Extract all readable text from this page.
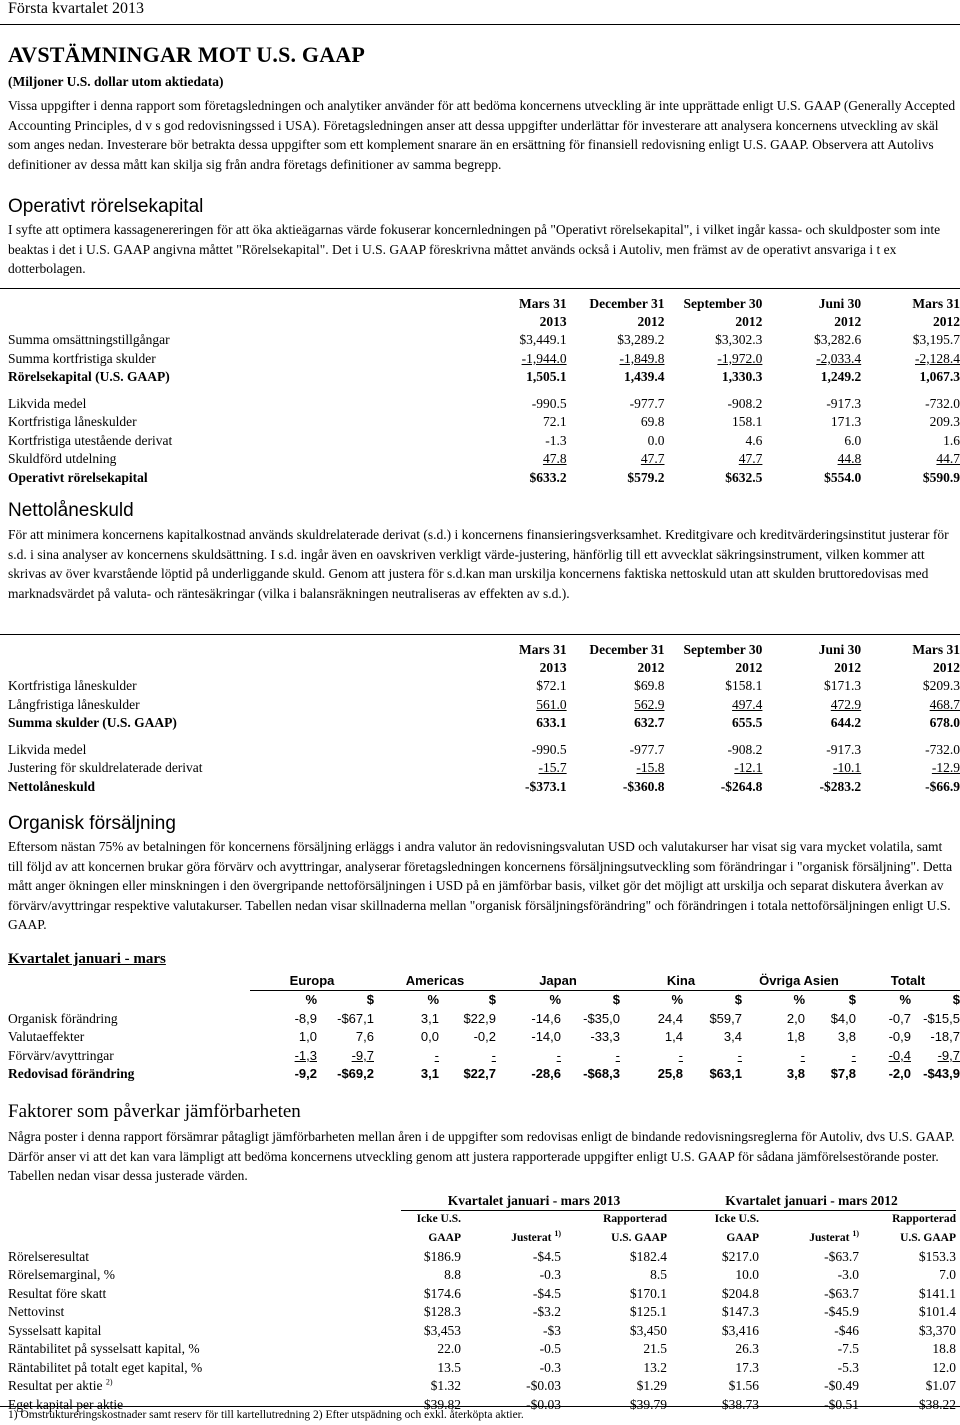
Första kvartalet 2013
AVSTÄMNINGAR MOT U.S. GAAP
(Miljoner U.S. dollar utom aktiedata)

Vissa uppgifter i denna rapport som företagsledningen och analytiker använder för att bedöma koncernens utveckling är inte upprättade enligt U.S. GAAP (Generally Accepted Accounting Principles, d v s god redovisningssed i USA). Företagsledningen anser att dessa uppgifter underlättar för investerare att analysera koncernens utveckling av skäl som anges nedan. Investerare bör betrakta dessa uppgifter som ett komplement snarare än en ersättning för finansiell redovisning enligt U.S. GAAP. Observera att Autolivs definitioner av dessa mått kan skilja sig från andra företags definitioner av samma begrepp.

Operativt rörelsekapital

I syfte att optimera kassagenereringen för att öka aktieägarnas värde fokuserar koncernledningen på "Operativt rörelsekapital", i vilket ingår kassa- och skuldposter som inte beaktas i det i U.S. GAAP angivna måttet "Rörelsekapital". Det i U.S. GAAP föreskrivna måttet används också i Autoliv, men främst av de operativt ansvariga i t ex dotterbolagen.

	Mars 31	December 31	September 30	Juni 30	Mars 31
	2013	2012	2012	2012	2012
Summa omsättningstillgångar	$3,449.1	$3,289.2	$3,302.3	$3,282.6	$3,195.7
Summa kortfristiga skulder	-1,944.0	-1,849.8	-1,972.0	-2,033.4	-2,128.4
Rörelsekapital (U.S. GAAP)	1,505.1	1,439.4	1,330.3	1,249.2	1,067.3

Likvida medel	-990.5	-977.7	-908.2	-917.3	-732.0
Kortfristiga låneskulder	72.1	69.8	158.1	171.3	209.3
Kortfristiga utestående derivat	-1.3	0.0	4.6	6.0	1.6
Skuldförd utdelning	47.8	47.7	47.7	44.8	44.7
Operativt rörelsekapital	$633.2	$579.2	$632.5	$554.0	$590.9
Nettolåneskuld

För att minimera koncernens kapitalkostnad används skuldrelaterade derivat (s.d.) i koncernens finansieringsverksamhet. Kreditgivare och kreditvärderingsinstitut justerar för s.d. i sina analyser av koncernens skuldsättning. I s.d. ingår även en oavskriven verkligt värde-justering, hänförlig till ett avvecklat säkringsinstrument, vilken kommer att skrivas av över kvarstående löptid på underliggande skuld. Genom att justera för s.d.kan man urskilja koncernens faktiska nettoskuld utan att skulden bruttoredovisas med marknadsvärdet på valuta- och räntesäkringar (vilka i balansräkningen neutraliseras av effekten av s.d.).

	Mars 31	December 31	September 30	Juni 30	Mars 31
	2013	2012	2012	2012	2012
Kortfristiga låneskulder	$72.1	$69.8	$158.1	$171.3	$209.3
Långfristiga låneskulder	561.0	562.9	497.4	472.9	468.7
Summa skulder (U.S. GAAP)	633.1	632.7	655.5	644.2	678.0

Likvida medel	-990.5	-977.7	-908.2	-917.3	-732.0
Justering för skuldrelaterade derivat	-15.7	-15.8	-12.1	-10.1	-12.9
Nettolåneskuld	-$373.1	-$360.8	-$264.8	-$283.2	-$66.9
Organisk försäljning

Eftersom nästan 75% av betalningen för koncernens försäljning erläggs i andra valutor än redovisningsvalutan USD och valutakurser har visat sig vara mycket volatila, samt till följd av att koncernen brukar göra förvärv och avyttringar, analyserar företagsledningen koncernens försäljningsutveckling som förändringar i "organisk försäljning". Detta mått anger ökningen eller minskningen i den övergripande nettoförsäljningen i USD på en jämförbar basis, vilket gör det möjligt att urskilja och separat diskutera åverkan av förvärv/avyttringar respektive valutakurser. Tabellen nedan visar skillnaderna mellan "organisk försäljningsförändring" och förändringen i totala nettoförsäljningen enligt U.S. GAAP.

Kvartalet januari - mars
	Europa		Americas		Japan		Kina		Övriga Asien		Totalt	
	%	$	%	$	%	$	%	$	%	$	%	$
Organisk förändring	-8,9	-$67,1	3,1	$22,9	-14,6	-$35,0	24,4	$59,7	2,0	$4,0	-0,7	-$15,5
Valutaeffekter	1,0	7,6	0,0	-0,2	-14,0	-33,3	1,4	3,4	1,8	3,8	-0,9	-18,7
Förvärv/avyttringar	-1,3	-9,7	-	-	-	-	-	-	-	-	-0,4	-9,7
Redovisad förändring	-9,2	-$69,2	3,1	$22,7	-28,6	-$68,3	25,8	$63,1	3,8	$7,8	-2,0	-$43,9
Faktorer som påverkar jämförbarheten

Några poster i denna rapport försämrar påtagligt jämförbarheten mellan åren i de uppgifter som redovisas enligt de bindande redovisningsreglerna för Autoliv, dvs U.S. GAAP. Därför anser vi att det kan vara lämpligt att bedöma koncernens utveckling genom att justera rapporterade uppgifter enligt U.S. GAAP för sådana jämförelsestörande poster. Tabellen nedan visar dessa justerade värden.

	Kvartalet januari - mars 2013			Kvartalet januari - mars 2012		
	Icke U.S.		Rapporterad	Icke U.S.		Rapporterad
	GAAP	Justerat $^{1)}$	U.S. GAAP	GAAP	Justerat $^{1)}$	U.S. GAAP
Rörelseresultat	$186.9	-$4.5	$182.4	$217.0	-$63.7	$153.3
Rörelsemarginal, %	8.8	-0.3	8.5	10.0	-3.0	7.0
Resultat före skatt	$174.6	-$4.5	$170.1	$204.8	-$63.7	$141.1
Nettovinst	$128.3	-$3.2	$125.1	$147.3	-$45.9	$101.4
Sysselsatt kapital	$3,453	-$3	$3,450	$3,416	-$46	$3,370
Räntabilitet på sysselsatt kapital, %	22.0	-0.5	21.5	26.3	-7.5	18.8
Räntabilitet på totalt eget kapital, %	13.5	-0.3	13.2	17.3	-5.3	12.0
Resultat per aktie $^{2)}$	$1.32	-$0.03	$1.29	$1.56	-$0.49	$1.07
Eget kapital per aktie	$39.82	-$0.03	$39.79	$38.73	-$0.51	$38.22
1) Omstruktureringskostnader samt reserv för till kartellutredning 2) Efter utspädning och exkl. återköpta aktier.
